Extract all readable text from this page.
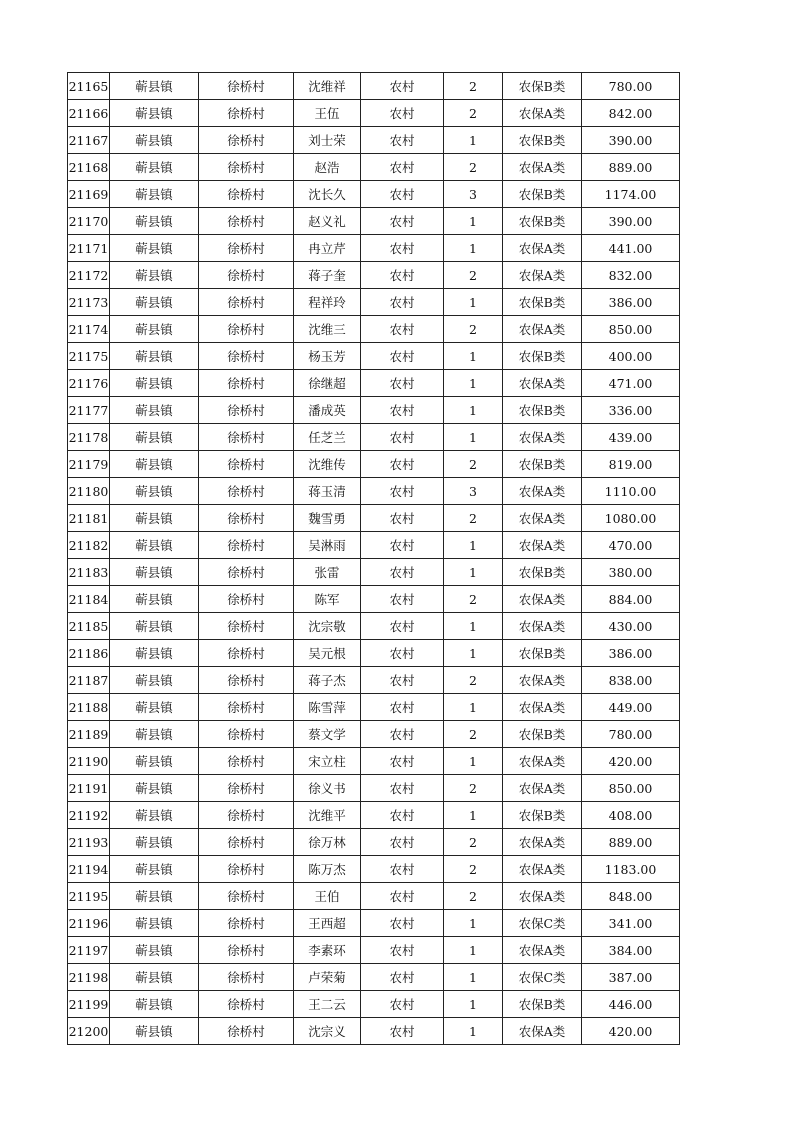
21165	蕲县镇	徐桥村	沈维祥	农村	2	农保B类	780.00
21166	蕲县镇	徐桥村	王伍	农村	2	农保A类	842.00
21167	蕲县镇	徐桥村	刘士荣	农村	1	农保B类	390.00
21168	蕲县镇	徐桥村	赵浩	农村	2	农保A类	889.00
21169	蕲县镇	徐桥村	沈长久	农村	3	农保B类	1174.00
21170	蕲县镇	徐桥村	赵义礼	农村	1	农保B类	390.00
21171	蕲县镇	徐桥村	冉立芹	农村	1	农保A类	441.00
21172	蕲县镇	徐桥村	蒋子奎	农村	2	农保A类	832.00
21173	蕲县镇	徐桥村	程祥玲	农村	1	农保B类	386.00
21174	蕲县镇	徐桥村	沈维三	农村	2	农保A类	850.00
21175	蕲县镇	徐桥村	杨玉芳	农村	1	农保B类	400.00
21176	蕲县镇	徐桥村	徐继超	农村	1	农保A类	471.00
21177	蕲县镇	徐桥村	潘成英	农村	1	农保B类	336.00
21178	蕲县镇	徐桥村	任芝兰	农村	1	农保A类	439.00
21179	蕲县镇	徐桥村	沈维传	农村	2	农保B类	819.00
21180	蕲县镇	徐桥村	蒋玉清	农村	3	农保A类	1110.00
21181	蕲县镇	徐桥村	魏雪勇	农村	2	农保A类	1080.00
21182	蕲县镇	徐桥村	吴淋雨	农村	1	农保A类	470.00
21183	蕲县镇	徐桥村	张雷	农村	1	农保B类	380.00
21184	蕲县镇	徐桥村	陈军	农村	2	农保A类	884.00
21185	蕲县镇	徐桥村	沈宗敬	农村	1	农保A类	430.00
21186	蕲县镇	徐桥村	吴元根	农村	1	农保B类	386.00
21187	蕲县镇	徐桥村	蒋子杰	农村	2	农保A类	838.00
21188	蕲县镇	徐桥村	陈雪萍	农村	1	农保A类	449.00
21189	蕲县镇	徐桥村	蔡文学	农村	2	农保B类	780.00
21190	蕲县镇	徐桥村	宋立柱	农村	1	农保A类	420.00
21191	蕲县镇	徐桥村	徐义书	农村	2	农保A类	850.00
21192	蕲县镇	徐桥村	沈维平	农村	1	农保B类	408.00
21193	蕲县镇	徐桥村	徐万林	农村	2	农保A类	889.00
21194	蕲县镇	徐桥村	陈万杰	农村	2	农保A类	1183.00
21195	蕲县镇	徐桥村	王伯	农村	2	农保A类	848.00
21196	蕲县镇	徐桥村	王西超	农村	1	农保C类	341.00
21197	蕲县镇	徐桥村	李素环	农村	1	农保A类	384.00
21198	蕲县镇	徐桥村	卢荣菊	农村	1	农保C类	387.00
21199	蕲县镇	徐桥村	王二云	农村	1	农保B类	446.00
21200	蕲县镇	徐桥村	沈宗义	农村	1	农保A类	420.00
